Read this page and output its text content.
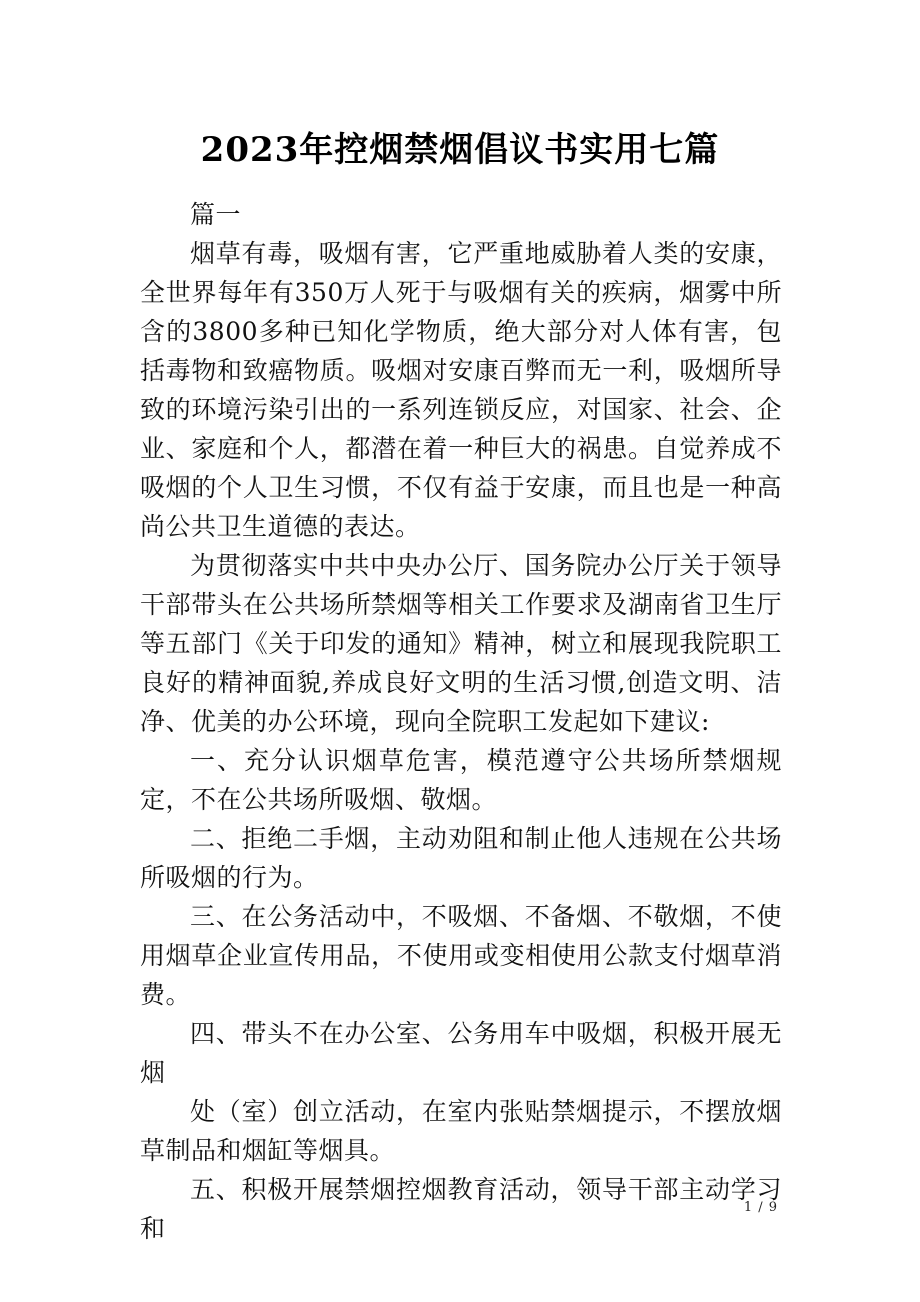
2023年控烟禁烟倡议书实用七篇

篇一

烟草有毒，吸烟有害，它严重地威胁着人类的安康，全世界每年有350万人死于与吸烟有关的疾病，烟雾中所含的3800多种已知化学物质，绝大部分对人体有害，包括毒物和致癌物质。吸烟对安康百弊而无一利，吸烟所导致的环境污染引出的一系列连锁反应，对国家、社会、企业、家庭和个人，都潜在着一种巨大的祸患。自觉养成不吸烟的个人卫生习惯，不仅有益于安康，而且也是一种高尚公共卫生道德的表达。

为贯彻落实中共中央办公厅、国务院办公厅关于领导干部带头在公共场所禁烟等相关工作要求及湖南省卫生厅等五部门《关于印发的通知》精神，树立和展现我院职工良好的精神面貌,养成良好文明的生活习惯,创造文明、洁净、优美的办公环境，现向全院职工发起如下建议:

一、充分认识烟草危害，模范遵守公共场所禁烟规定，不在公共场所吸烟、敬烟。

二、拒绝二手烟，主动劝阻和制止他人违规在公共场所吸烟的行为。

三、在公务活动中，不吸烟、不备烟、不敬烟，不使用烟草企业宣传用品，不使用或变相使用公款支付烟草消费。

四、带头不在办公室、公务用车中吸烟，积极开展无烟

处（室）创立活动，在室内张贴禁烟提示，不摆放烟草制品和烟缸等烟具。

五、积极开展禁烟控烟教育活动，领导干部主动学习和

1 / 9
